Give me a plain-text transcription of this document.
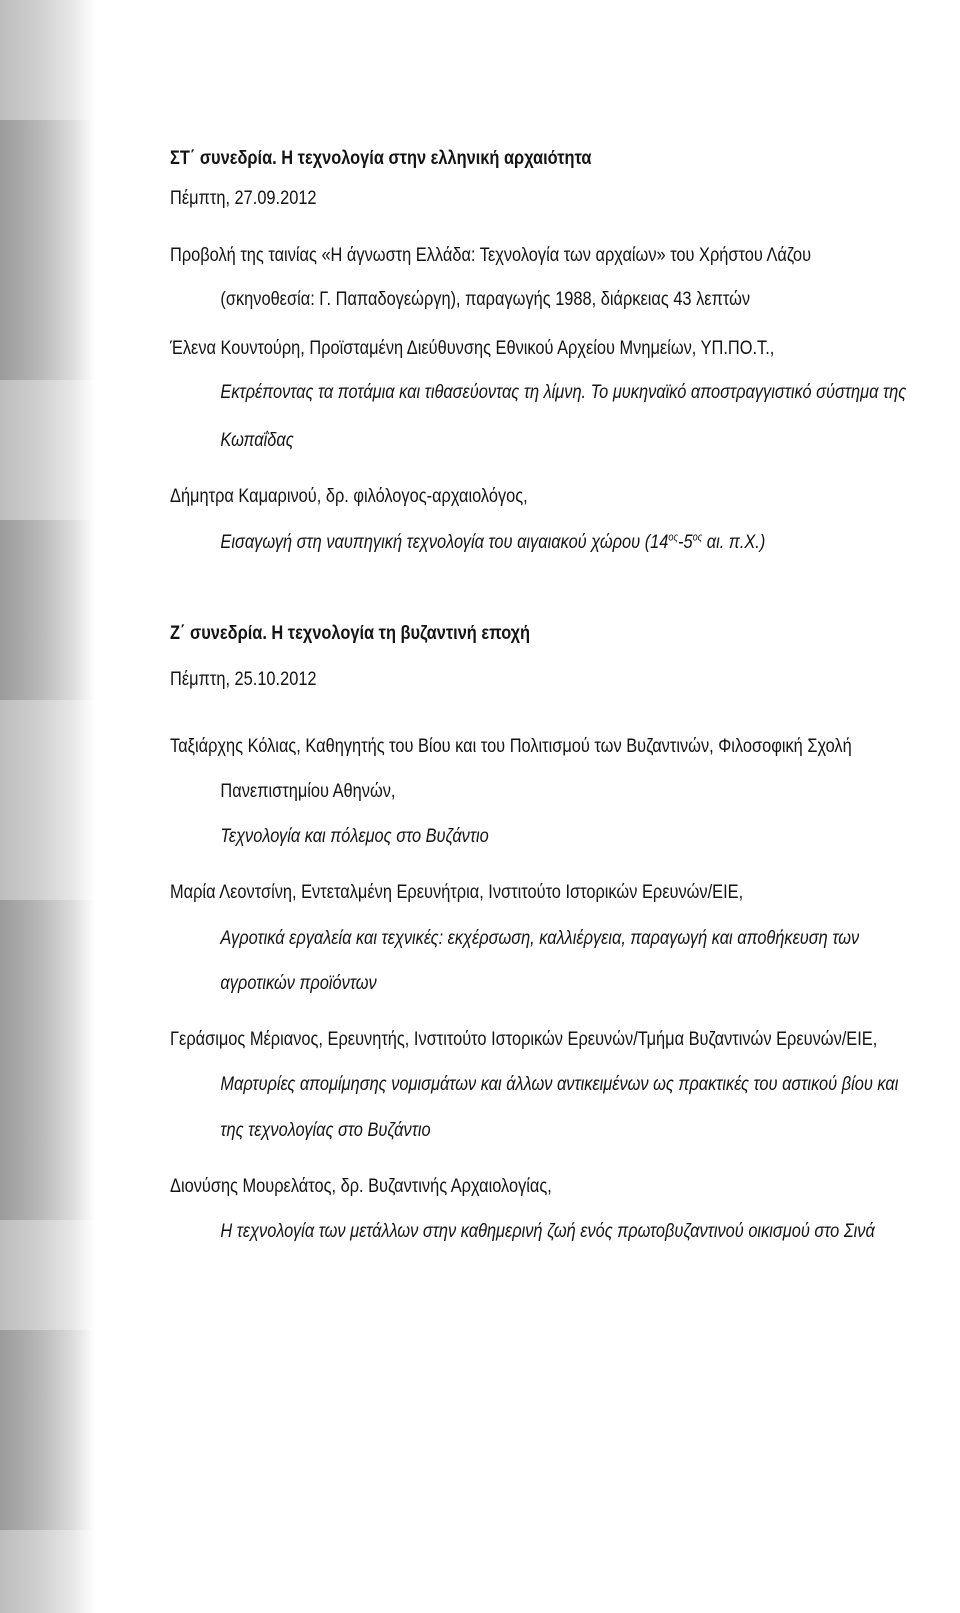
ΣΤ΄ συνεδρία. Η τεχνολογία στην ελληνική αρχαιότητα
Πέμπτη, 27.09.2012
Προβολή της ταινίας «Η άγνωστη Ελλάδα: Τεχνολογία των αρχαίων» του Χρήστου Λάζου
(σκηνοθεσία: Γ. Παπαδογεώργη), παραγωγής 1988, διάρκειας 43 λεπτών
Έλενα Κουντούρη, Προϊσταμένη Διεύθυνσης Εθνικού Αρχείου Μνημείων, ΥΠ.ΠΟ.Τ.,
Εκτρέποντας τα ποτάμια και τιθασεύοντας τη λίμνη. Το μυκηναϊκό αποστραγγιστικό σύστημα της
Κωπαΐδας
Δήμητρα Καμαρινού, δρ. φιλόλογος-αρχαιολόγος,
Εισαγωγή στη ναυπηγική τεχνολογία του αιγαιακού χώρου ($14^{o\varsigma}-5^{o\varsigma}$ αι. π.Χ.)
Ζ΄ συνεδρία. Η τεχνολογία τη βυζαντινή εποχή
Πέμπτη, 25.10.2012
Ταξιάρχης Κόλιας, Καθηγητής του Βίου και του Πολιτισμού των Βυζαντινών, Φιλοσοφική Σχολή
Πανεπιστημίου Αθηνών,
Τεχνολογία και πόλεμος στο Βυζάντιο
Μαρία Λεοντσίνη, Εντεταλμένη Ερευνήτρια, Ινστιτούτο Ιστορικών Ερευνών/ΕΙΕ,
Αγροτικά εργαλεία και τεχνικές: εκχέρσωση, καλλιέργεια, παραγωγή και αποθήκευση των
αγροτικών προϊόντων
Γεράσιμος Μέριανος, Ερευνητής, Ινστιτούτο Ιστορικών Ερευνών/Τμήμα Βυζαντινών Ερευνών/ΕΙΕ,
Μαρτυρίες απομίμησης νομισμάτων και άλλων αντικειμένων ως πρακτικές του αστικού βίου και
της τεχνολογίας στο Βυζάντιο
Διονύσης Μουρελάτος, δρ. Βυζαντινής Αρχαιολογίας,
Η τεχνολογία των μετάλλων στην καθημερινή ζωή ενός πρωτοβυζαντινού οικισμού στο Σινά
